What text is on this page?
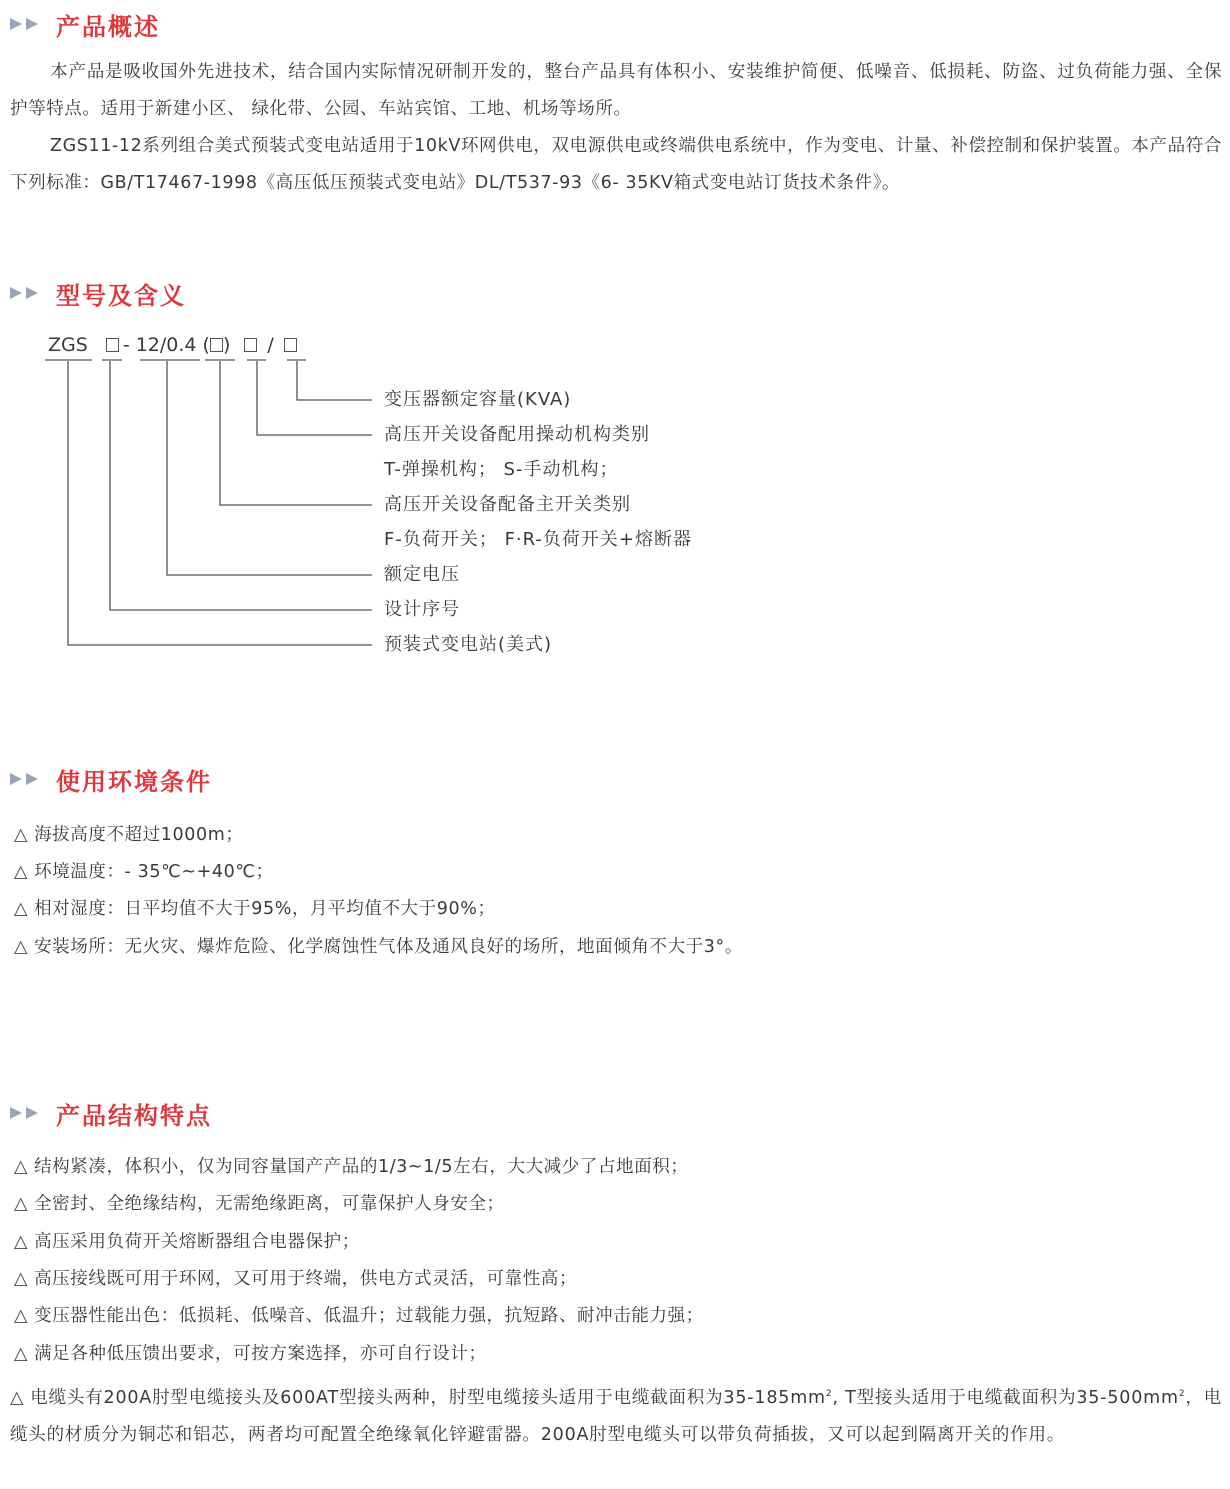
产品概述

本产品是吸收国外先进技术，结合国内实际情况研制开发的，整台产品具有体积小、安装维护简便、低噪音、低损耗、防盗、过负荷能力强、全保护等特点。适用于新建小区、 绿化带、公园、车站宾馆、工地、机场等场所。

ZGS11-12系列组合美式预装式变电站适用于10kV环网供电，双电源供电或终端供电系统中，作为变电、计量、补偿控制和保护装置。本产品符合下列标准：GB/T17467-1998《高压低压预装式变电站》DL/T537-93《6- 35KV箱式变电站订货技术条件》。

型号及含义
ZGS - 12/0.4 ( ) /
变压器额定容量(KVA)
高压开关设备配用操动机构类别
T-弹操机构； S-手动机构；
高压开关设备配备主开关类别
F-负荷开关； F·R-负荷开关+熔断器
额定电压
设计序号
预装式变电站(美式)
使用环境条件
△ 海拔高度不超过1000m；
△ 环境温度：- 35℃~+40℃；
△ 相对湿度：日平均值不大于95%，月平均值不大于90%；
△ 安装场所：无火灾、爆炸危险、化学腐蚀性气体及通风良好的场所，地面倾角不大于3°。
产品结构特点
△ 结构紧凑，体积小，仅为同容量国产产品的1/3~1/5左右，大大减少了占地面积；
△ 全密封、全绝缘结构，无需绝缘距离，可靠保护人身安全；
△ 高压采用负荷开关熔断器组合电器保护；
△ 高压接线既可用于环网，又可用于终端，供电方式灵活，可靠性高；
△ 变压器性能出色：低损耗、低噪音、低温升；过载能力强，抗短路、耐冲击能力强；
△ 满足各种低压馈出要求，可按方案选择，亦可自行设计；

△ 电缆头有200A肘型电缆接头及600AT型接头两种，肘型电缆接头适用于电缆截面积为$35-185mm^2$, T型接头适用于电缆截面积为$35-500mm^2$，电缆头的材质分为铜芯和铝芯，两者均可配置全绝缘氧化锌避雷器。200A肘型电缆头可以带负荷插拔，又可以起到隔离开关的作用。
